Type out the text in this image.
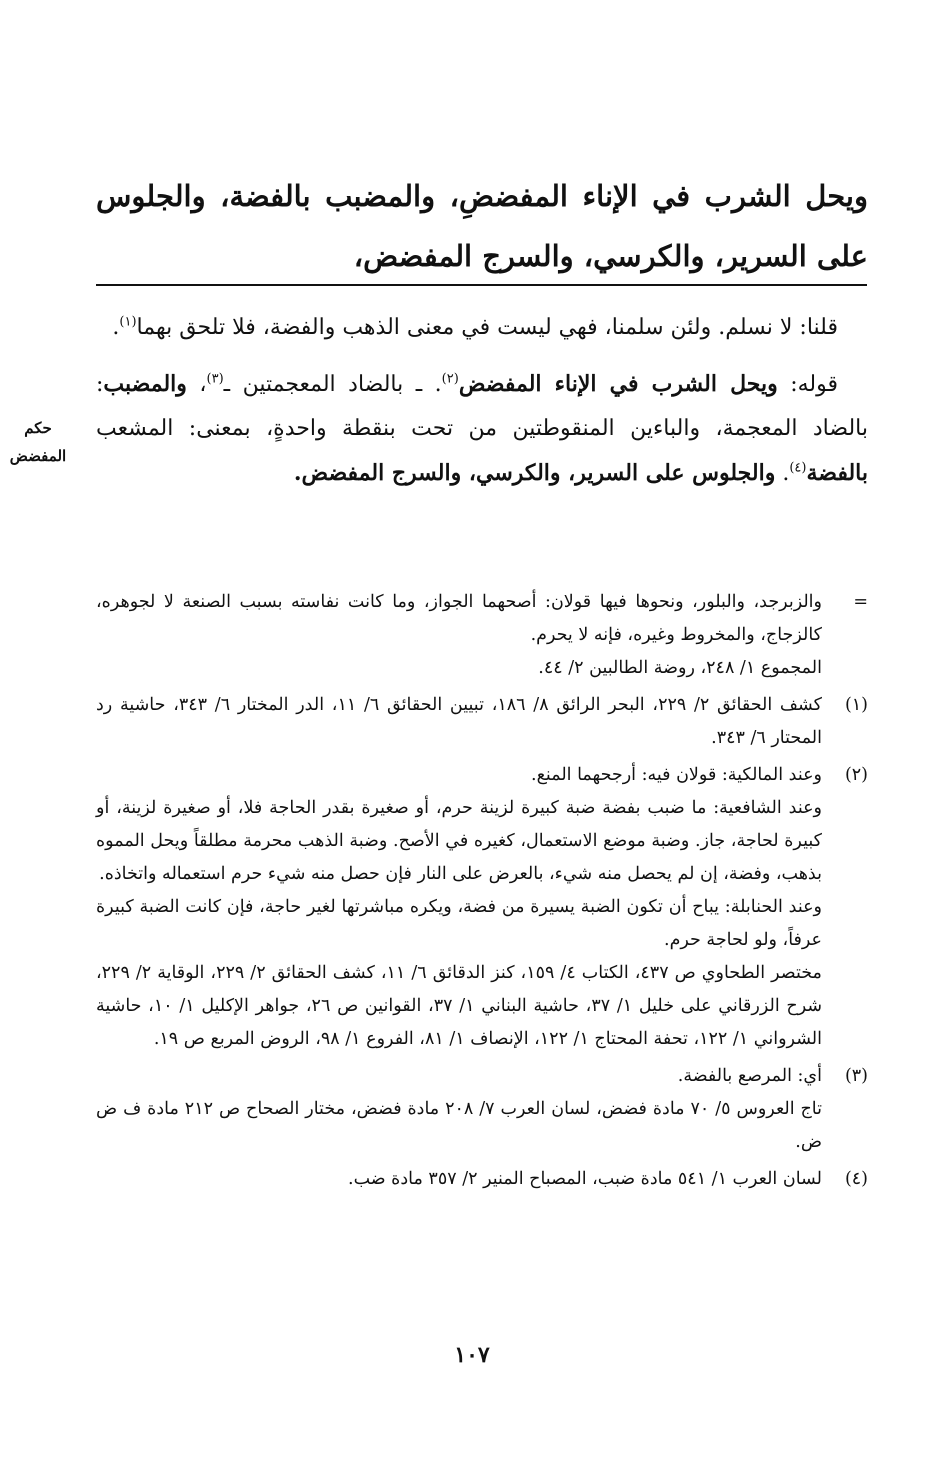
ويحل الشرب في الإناء المفضضِ، والمضبب بالفضة، والجلوس على السرير، والكرسي، والسرج المفضض،

قلنا: لا نسلم. ولئن سلمنا، فهي ليست في معنى الذهب والفضة، فلا تلحق بهما$^{(١)}$.

قوله: ويحل الشرب في الإناء المفضض$^{(٢)}$. ـ بالضاد المعجمتين ـ$^{(٣)}$، والمضبب: بالضاد المعجمة، والباءين المنقوطتين من تحت بنقطة واحدةٍ، بمعنى: المشعب بالفضة$^{(٤)}$. والجلوس على السرير، والكرسي، والسرج المفضض.

حكم
المفضض
=
والزبرجد، والبلور، ونحوها فيها قولان: أصحهما الجواز، وما كانت نفاسته بسبب الصنعة لا لجوهره، كالزجاج، والمخروط وغيره، فإنه لا يحرم.
المجموع ١/ ٢٤٨، روضة الطالبين ٢/ ٤٤.
(١)
كشف الحقائق ٢/ ٢٢٩، البحر الرائق ٨/ ١٨٦، تبيين الحقائق ٦/ ١١، الدر المختار ٦/ ٣٤٣، حاشية رد المحتار ٦/ ٣٤٣.
(٢)
وعند المالكية: قولان فيه: أرجحهما المنع.
وعند الشافعية: ما ضبب بفضة ضبة كبيرة لزينة حرم، أو صغيرة بقدر الحاجة فلا، أو صغيرة لزينة، أو كبيرة لحاجة، جاز. وضبة موضع الاستعمال، كغيره في الأصح. وضبة الذهب محرمة مطلقاً ويحل المموه بذهب، وفضة، إن لم يحصل منه شيء، بالعرض على النار فإن حصل منه شيء حرم استعماله واتخاذه.
وعند الحنابلة: يباح أن تكون الضبة يسيرة من فضة، ويكره مباشرتها لغير حاجة، فإن كانت الضبة كبيرة عرفاً، ولو لحاجة حرم.
مختصر الطحاوي ص ٤٣٧، الكتاب ٤/ ١٥٩، كنز الدقائق ٦/ ١١، كشف الحقائق ٢/ ٢٢٩، الوقاية ٢/ ٢٢٩، شرح الزرقاني على خليل ١/ ٣٧، حاشية البناني ١/ ٣٧، القوانين ص ٢٦، جواهر الإكليل ١/ ١٠، حاشية الشرواني ١/ ١٢٢، تحفة المحتاج ١/ ١٢٢، الإنصاف ١/ ٨١، الفروع ١/ ٩٨، الروض المربع ص ١٩.
(٣)
أي: المرصع بالفضة.
تاج العروس ٥/ ٧٠ مادة فضض، لسان العرب ٧/ ٢٠٨ مادة فضض، مختار الصحاح ص ٢١٢ مادة ف ض ض.
(٤)
لسان العرب ١/ ٥٤١ مادة ضبب، المصباح المنير ٢/ ٣٥٧ مادة ضب.
١٠٧
